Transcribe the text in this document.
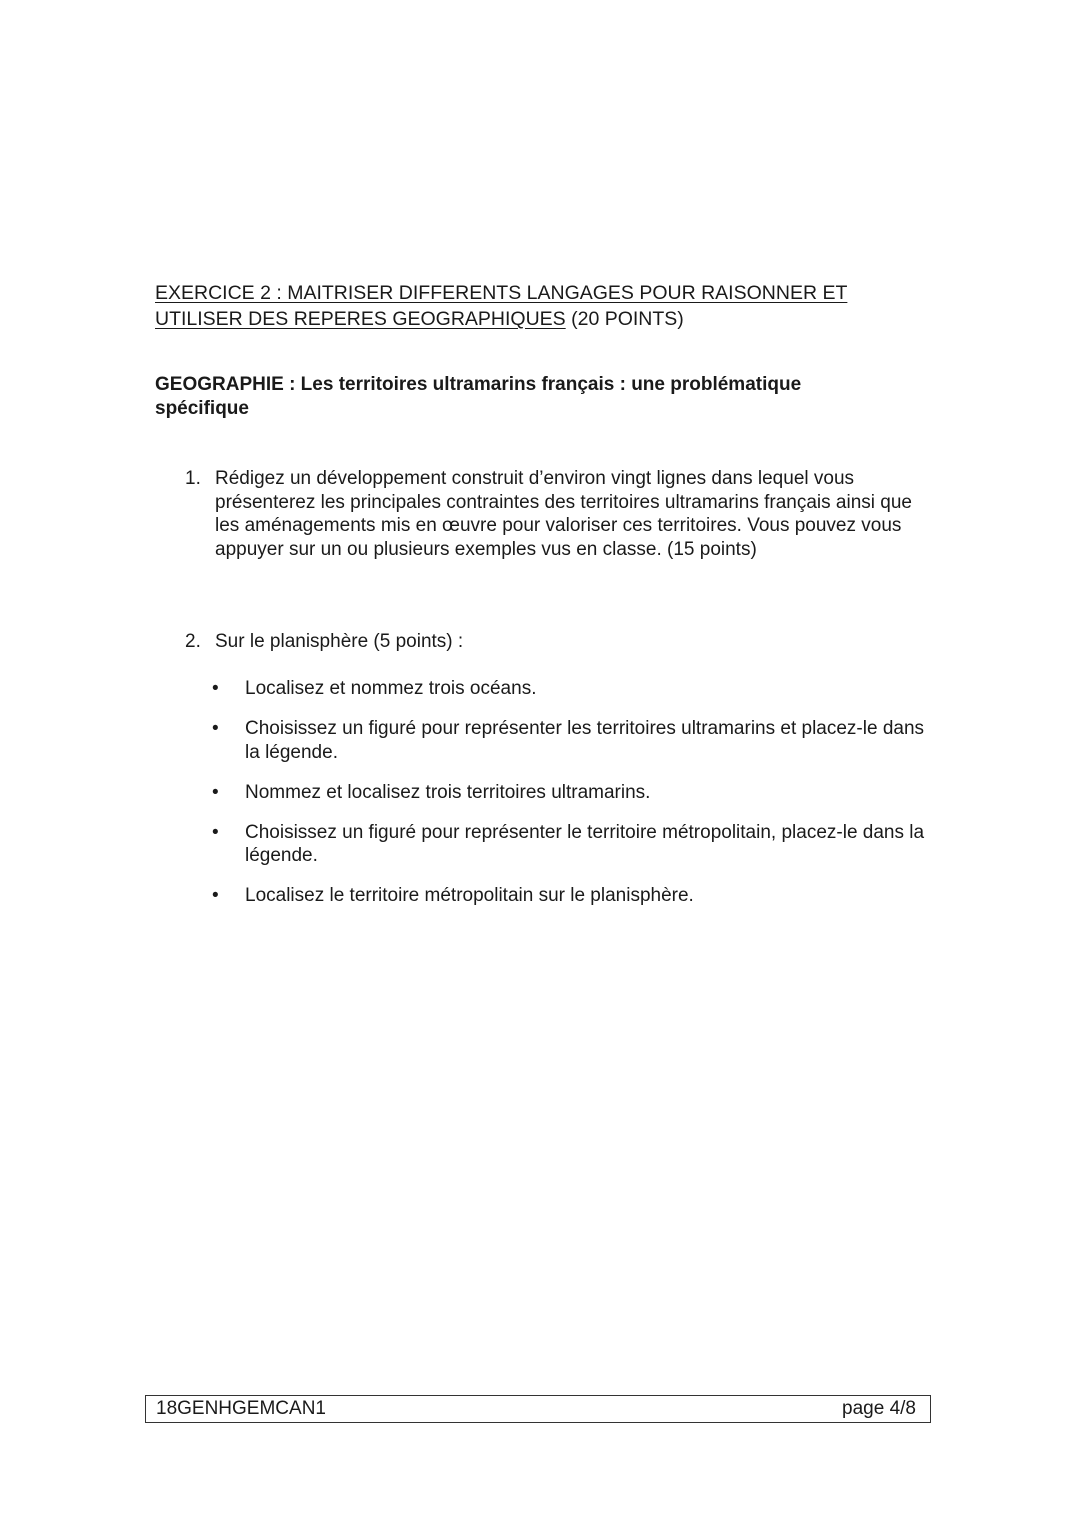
EXERCICE 2 : MAITRISER DIFFERENTS LANGAGES POUR RAISONNER ET UTILISER DES REPERES GEOGRAPHIQUES (20 POINTS)

GEOGRAPHIE : Les territoires ultramarins français : une problématique spécifique

1. Rédigez un développement construit d’environ vingt lignes dans lequel vous présenterez les principales contraintes des territoires ultramarins français ainsi que les aménagements mis en œuvre pour valoriser ces territoires. Vous pouvez vous appuyer sur un ou plusieurs exemples vus en classe. (15 points)
2. Sur le planisphère (5 points) :
• Localisez et nommez trois océans.
• Choisissez un figuré pour représenter les territoires ultramarins et placez-le dans la légende.
• Nommez et localisez trois territoires ultramarins.
• Choisissez un figuré pour représenter le territoire métropolitain, placez-le dans la légende.
• Localisez le territoire métropolitain sur le planisphère.
18GENHGEMCAN1	page 4/8
